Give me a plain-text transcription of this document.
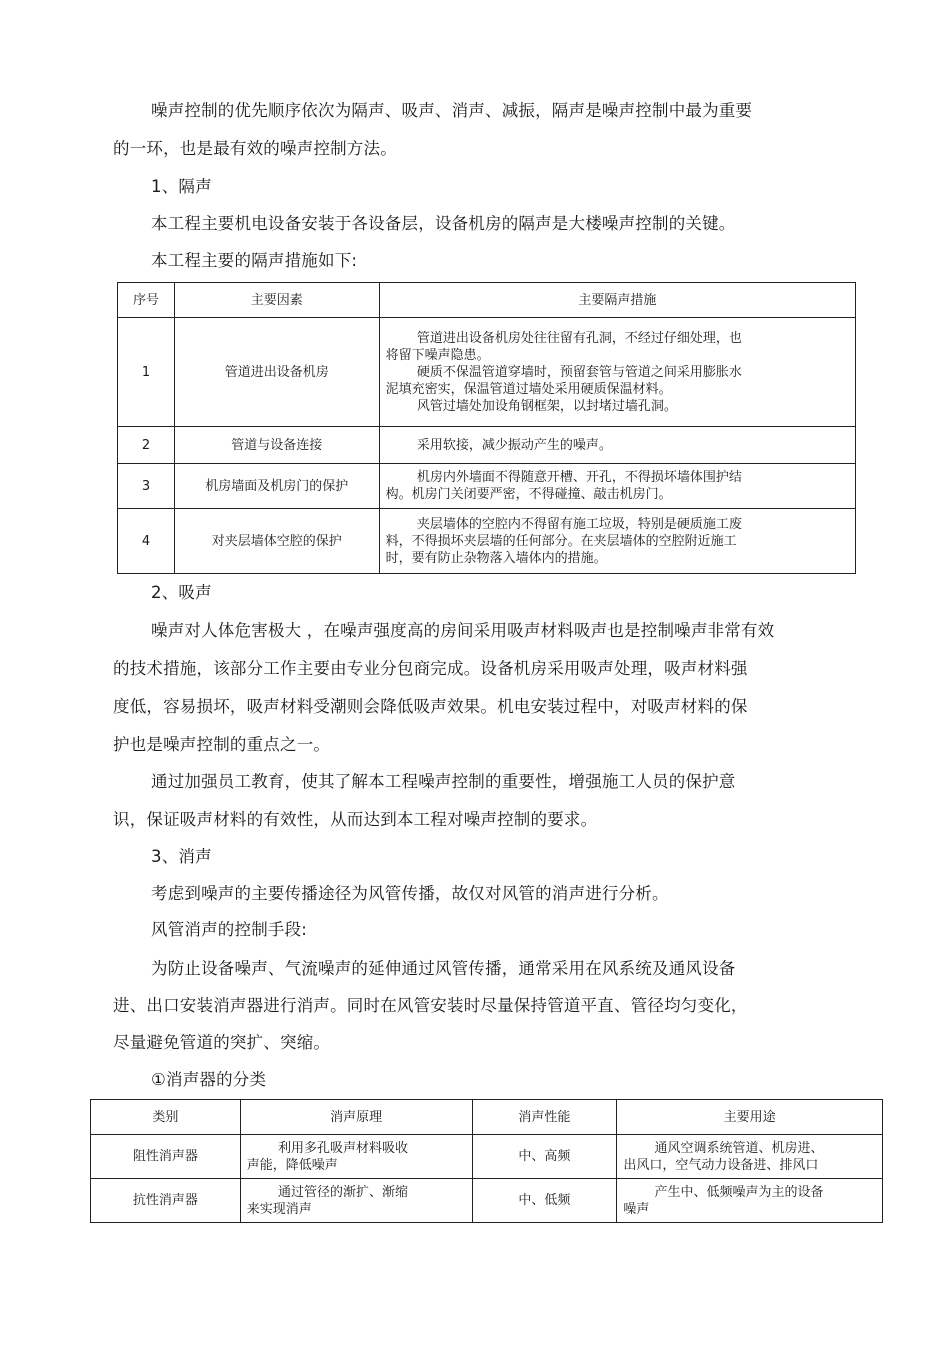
噪声控制的优先顺序依次为隔声、吸声、消声、减振，隔声是噪声控制中最为重要
的一环，也是最有效的噪声控制方法。
1、隔声
本工程主要机电设备安装于各设备层，设备机房的隔声是大楼噪声控制的关键。
本工程主要的隔声措施如下:
序号	主要因素	主要隔声措施
1	管道进出设备机房	管道进出设备机房处往往留有孔洞，不经过仔细处理，也
将留下噪声隐患。
硬质不保温管道穿墙时，预留套管与管道之间采用膨胀水
泥填充密实，保温管道过墙处采用硬质保温材料。
风管过墙处加设角钢框架，以封堵过墙孔洞。

2	管道与设备连接	采用软接，减少振动产生的噪声。

3	机房墙面及机房门的保护	机房内外墙面不得随意开槽、开孔，不得损坏墙体围护结
构。机房门关闭要严密，不得碰撞、敲击机房门。

4	对夹层墙体空腔的保护	夹层墙体的空腔内不得留有施工垃圾，特别是硬质施工废
料，不得损坏夹层墙的任何部分。在夹层墙体的空腔附近施工
时，要有防止杂物落入墙体内的措施。
2、吸声
噪声对人体危害极大 ，在噪声强度高的房间采用吸声材料吸声也是控制噪声非常有效
的技术措施，该部分工作主要由专业分包商完成。设备机房采用吸声处理，吸声材料强
度低，容易损坏，吸声材料受潮则会降低吸声效果。机电安装过程中，对吸声材料的保
护也是噪声控制的重点之一。
通过加强员工教育，使其了解本工程噪声控制的重要性，增强施工人员的保护意
识，保证吸声材料的有效性，从而达到本工程对噪声控制的要求。
3、消声
考虑到噪声的主要传播途径为风管传播，故仅对风管的消声进行分析。
风管消声的控制手段:
为防止设备噪声、气流噪声的延伸通过风管传播，通常采用在风系统及通风设备
进、出口安装消声器进行消声。同时在风管安装时尽量保持管道平直、管径均匀变化，
尽量避免管道的突扩、突缩。
①消声器的分类
类别	消声原理	消声性能	主要用途
阻性消声器	利用多孔吸声材料吸收
声能，降低噪声	中、高频	通风空调系统管道、机房进、
出风口，空气动力设备进、排风口

抗性消声器	通过管径的渐扩、渐缩
来实现消声	中、低频	产生中、低频噪声为主的设备
噪声
